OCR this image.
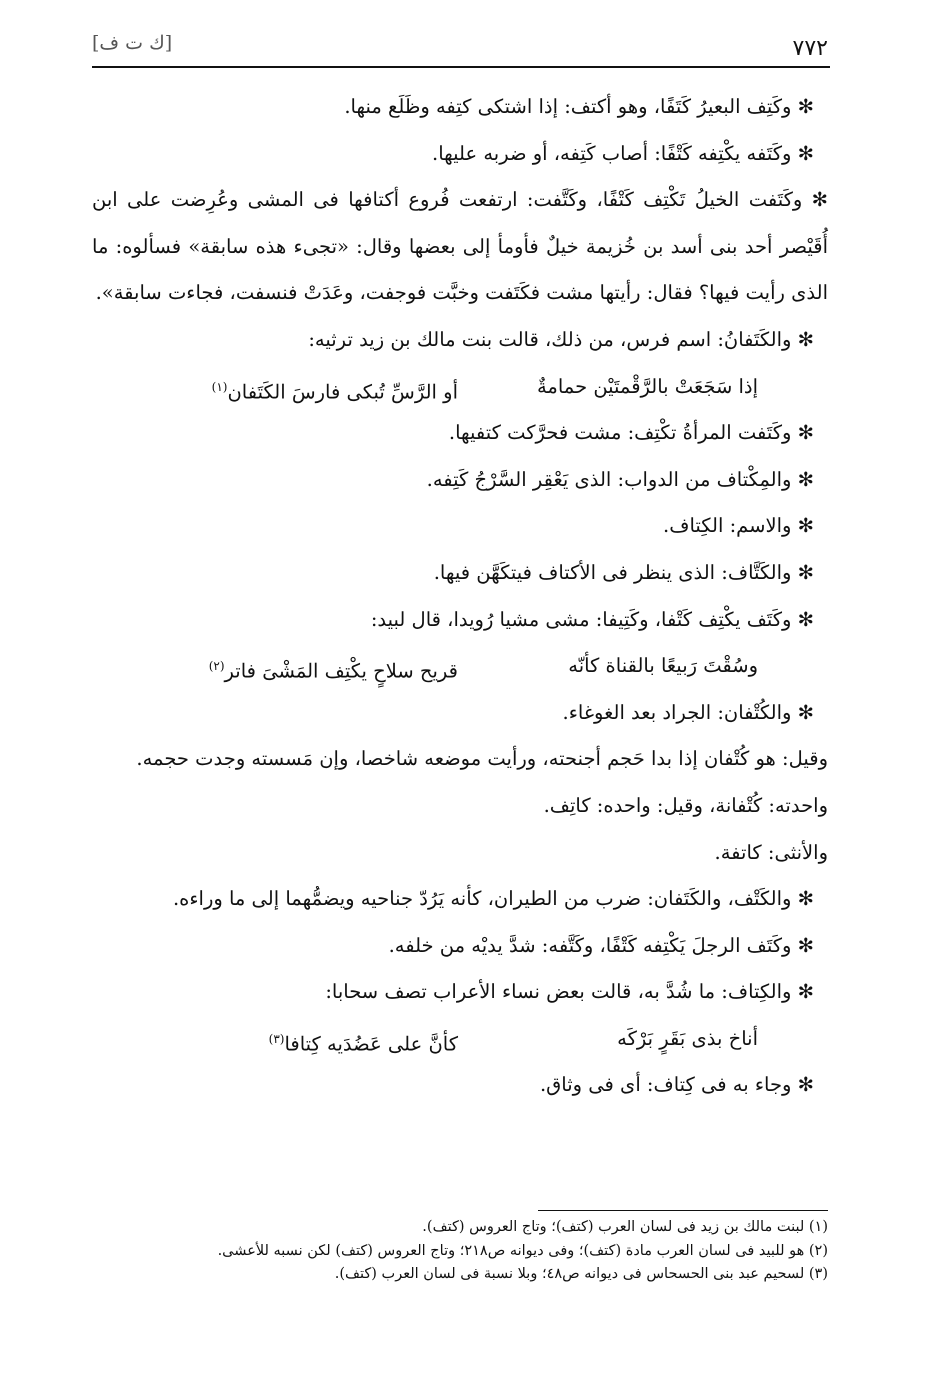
٧٧٢
[ك ت ف]

✻ وكَتِف البعيرُ كَتَفًا، وهو أكتف: إذا اشتكى كتِفه وظَلَع منها.

✻ وكَتَفه يكْتِفه كَتْفًا: أصاب كَتِفه، أو ضربه عليها.

✻ وكَتَفت الخيلُ تَكْتِف كَتْفًا، وكَتَّفت: ارتفعت فُروع أكتافها فى المشى وعُرِضت على ابن أُقَيْصر أحد بنى أسد بن خُزيمة خيلٌ فأومأ إلى بعضها وقال: «تجىء هذه سابقة» فسألوه: ما الذى رأيت فيها؟ فقال: رأيتها مشت فكَتَفت وخبَّت فوجفت، وعَدَتْ فنسفت، فجاءت سابقة».

✻ والكَتَفانُ: اسم فرس، من ذلك، قالت بنت مالك بن زيد ترثيه:

إذا سَجَعَتْ بالرَّقْمتَيْن حمامةٌ
أو الرَّسِّ تُبكى فارسَ الكَتَفان$^{(١)}$

✻ وكَتَفت المرأةُ تكْتِف: مشت فحرَّكت كتفيها.

✻ والمِكْتاف من الدواب: الذى يَعْقِر السَّرْجُ كَتِفه.

✻ والاسم: الكِتاف.

✻ والكَتَّاف: الذى ينظر فى الأكتاف فيتكَهَّن فيها.

✻ وكَتَف يكْتِف كَتْفا، وكَتِيفا: مشى مشيا رُويدا، قال لبيد:

وسُقْتَ رَبيعًا بالقناة كأنّه
قريح سلاحٍ يكْتِف المَشْىَ فاتر$^{(٢)}$

✻ والكُتْفان: الجراد بعد الغوغاء.

وقيل: هو كُتْفان إذا بدا حَجم أجنحته، ورأيت موضعه شاخصا، وإن مَسسته وجدت حجمه.

واحدته: كُتْفانة، وقيل: واحده: كاتِف.

والأنثى: كاتفة.

✻ والكَتْف، والكَتَفان: ضرب من الطيران، كأنه يَرُدّ جناحيه ويضمُّهما إلى ما وراءه.

✻ وكَتَف الرجلَ يَكْتِفه كَتْفًا، وكَتَّفه: شدَّ يديْه من خلفه.

✻ والكِتاف: ما شُدَّ به، قالت بعض نساء الأعراب تصف سحابا:

أناخ بذى بَقَرٍ بَرْكَه
كأنَّ على عَضُدَيه كِتافا$^{(٣)}$

✻ وجاء به فى كِتاف: أى فى وثاق.

(١) لبنت مالك بن زيد فى لسان العرب (كتف)؛ وتاج العروس (كتف).

(٢) هو للبيد فى لسان العرب مادة (كتف)؛ وفى ديوانه ص٢١٨؛ وتاج العروس (كتف) لكن نسبه للأعشى.

(٣) لسحيم عبد بنى الحسحاس فى ديوانه ص٤٨؛ وبلا نسبة فى لسان العرب (كتف).
